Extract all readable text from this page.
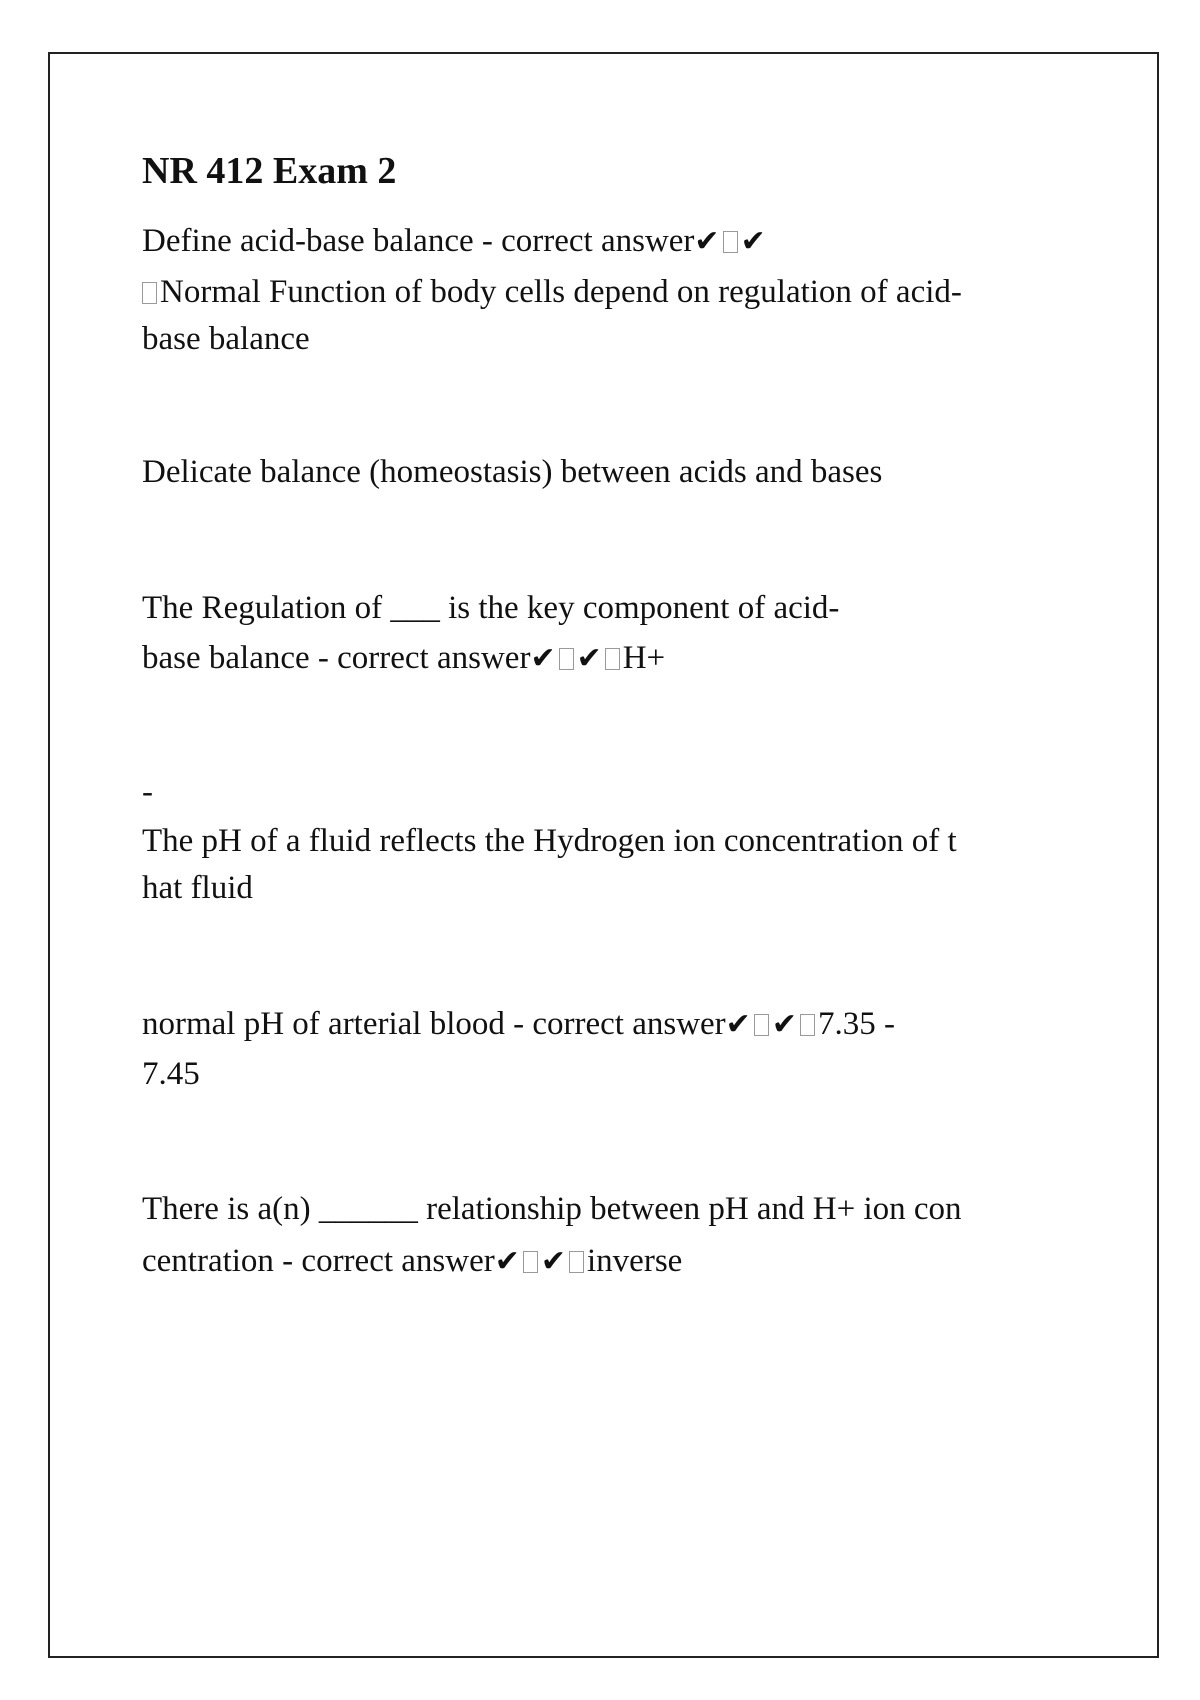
NR 412 Exam 2
Define acid-base balance - correct answer✔ ✔
Normal Function of body cells depend on regulation of acid-
base balance
Delicate balance (homeostasis) between acids and bases
The Regulation of ___ is the key component of acid-
base balance - correct answer✔ ✔ H+
-
The pH of a fluid reflects the Hydrogen ion concentration of t
hat fluid
normal pH of arterial blood - correct answer✔ ✔ 7.35 -
7.45
There is a(n) ______ relationship between pH and H+ ion con
centration - correct answer✔ ✔ inverse
